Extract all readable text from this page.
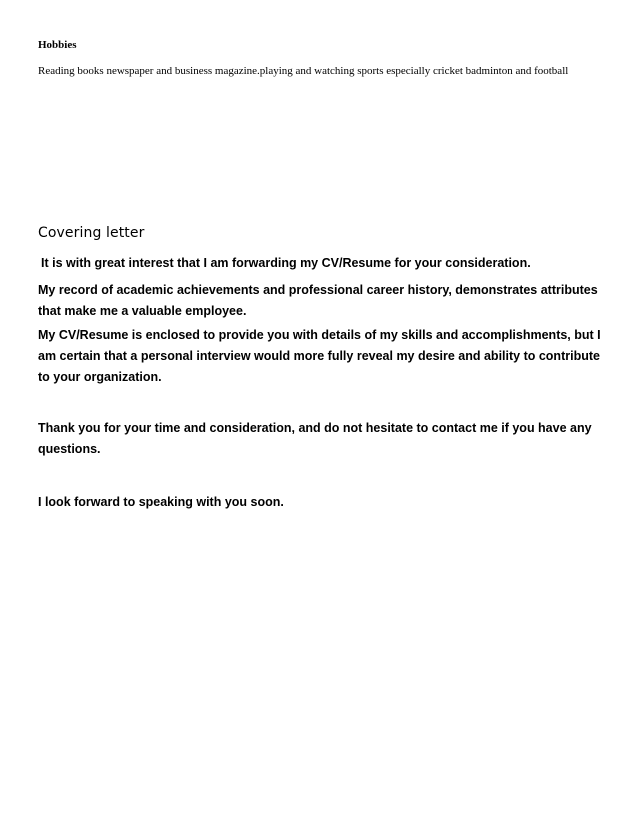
Hobbies

Reading books newspaper and business magazine.playing and watching sports especially cricket badminton and football

Covering letter

It is with great interest that I am forwarding my CV/Resume for your consideration.

My record of academic achievements and professional career history, demonstrates attributes that make me a valuable employee.

My CV/Resume is enclosed to provide you with details of my skills and accomplishments, but I am certain that a personal interview would more fully reveal my desire and ability to contribute to your organization.

Thank you for your time and consideration, and do not hesitate to contact me if you have any questions.

I look forward to speaking with you soon.
